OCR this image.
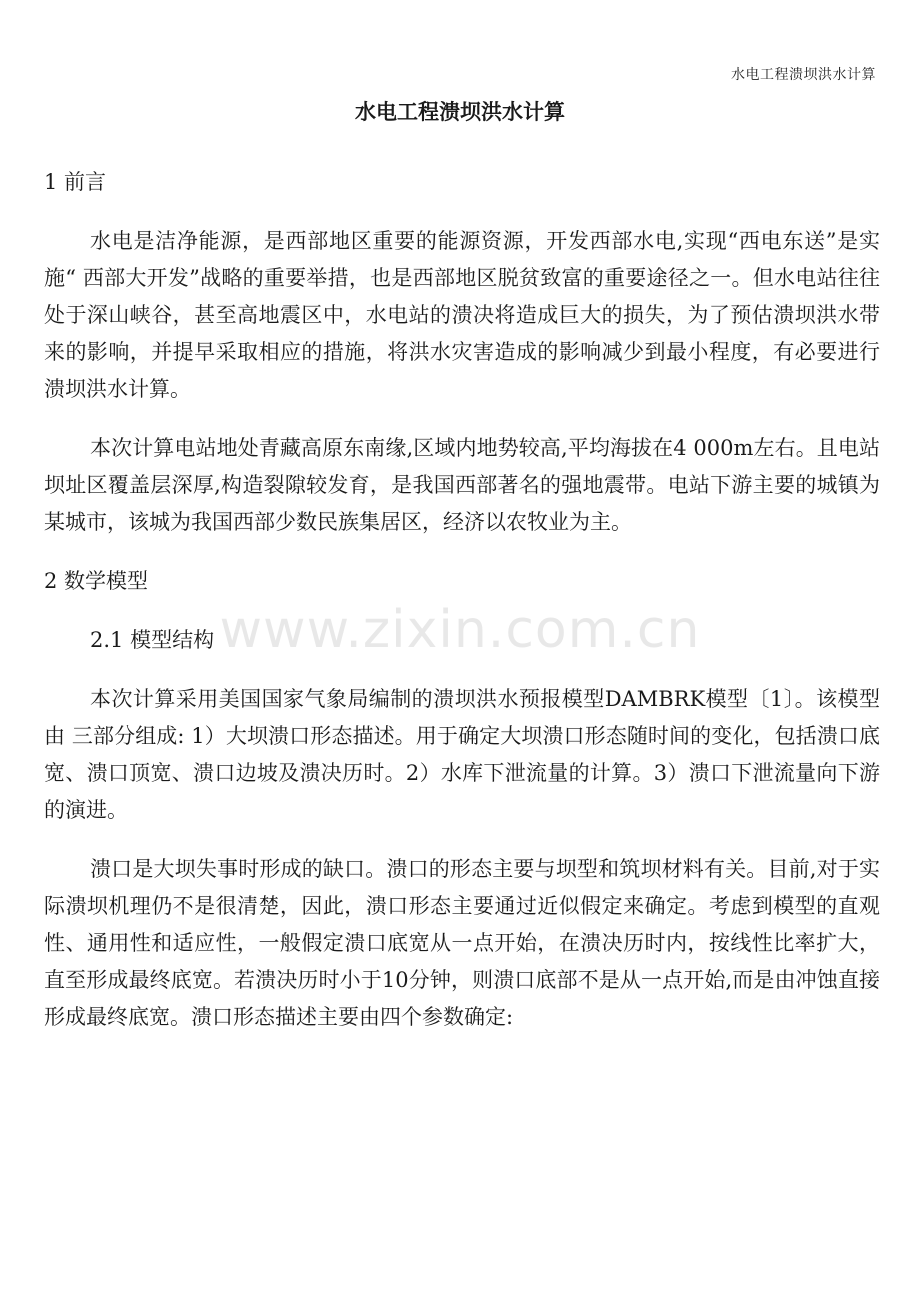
水电工程溃坝洪水计算
水电工程溃坝洪水计算
1 前言

水电是洁净能源，是西部地区重要的能源资源，开发西部水电,实现“西电东送”是实施“ 西部大开发”战略的重要举措，也是西部地区脱贫致富的重要途径之一。但水电站往往处于深山峡谷，甚至高地震区中，水电站的溃决将造成巨大的损失，为了预估溃坝洪水带来的影响，并提早采取相应的措施，将洪水灾害造成的影响减少到最小程度，有必要进行溃坝洪水计算。

本次计算电站地处青藏高原东南缘,区域内地势较高,平均海拔在4 000m左右。且电站坝址区覆盖层深厚,构造裂隙较发育，是我国西部著名的强地震带。电站下游主要的城镇为某城市，该城为我国西部少数民族集居区，经济以农牧业为主。

2 数学模型
2.1 模型结构

本次计算采用美国国家气象局编制的溃坝洪水预报模型DAMBRK模型〔1〕。该模型由 三部分组成: 1）大坝溃口形态描述。用于确定大坝溃口形态随时间的变化，包括溃口底宽、溃口顶宽、溃口边坡及溃决历时。2）水库下泄流量的计算。3）溃口下泄流量向下游的演进。

溃口是大坝失事时形成的缺口。溃口的形态主要与坝型和筑坝材料有关。目前,对于实际溃坝机理仍不是很清楚，因此，溃口形态主要通过近似假定来确定。考虑到模型的直观性、通用性和适应性，一般假定溃口底宽从一点开始，在溃决历时内，按线性比率扩大，直至形成最终底宽。若溃决历时小于10分钟，则溃口底部不是从一点开始,而是由冲蚀直接形成最终底宽。溃口形态描述主要由四个参数确定:

www.zixin.com.cn
